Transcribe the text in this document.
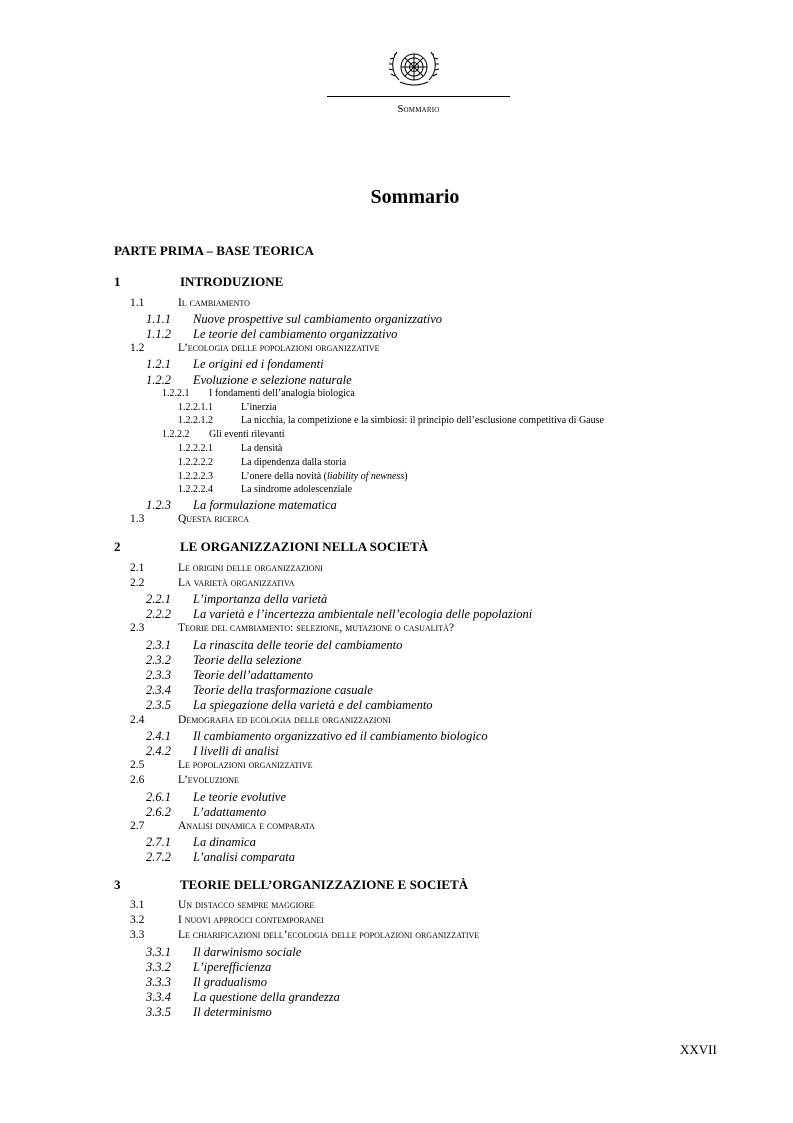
Sommario
Sommario
PARTE PRIMA – BASE TEORICA
1	INTRODUZIONE
1.1	Il cambiamento
1.1.1 Nuove prospettive sul cambiamento organizzativo
1.1.2 Le teorie del cambiamento organizzativo
1.2	L’ecologia delle popolazioni organizzative
1.2.1 Le origini ed i fondamenti
1.2.2 Evoluzione e selezione naturale
1.2.2.1 I fondamenti dell’analogia biologica
1.2.2.1.1	L’inerzia
1.2.2.1.2	La nicchia, la competizione e la simbiosi: il principio dell’esclusione competitiva di Gause
1.2.2.2 Gli eventi rilevanti
1.2.2.2.1	La densità
1.2.2.2.2	La dipendenza dalla storia
1.2.2.2.3	L’onere della novità (liability of newness)
1.2.2.2.4	La sindrome adolescenziale
1.2.3 La formulazione matematica
1.3	Questa ricerca
2	LE ORGANIZZAZIONI NELLA SOCIETÀ
2.1	Le origini delle organizzazioni
2.2	La varietà organizzativa
2.2.1 L’importanza della varietà
2.2.2 La varietà e l’incertezza ambientale nell’ecologia delle popolazioni
2.3	Teorie del cambiamento: selezione, mutazione o casualità?
2.3.1 La rinascita delle teorie del cambiamento
2.3.2 Teorie della selezione
2.3.3 Teorie dell’adattamento
2.3.4 Teorie della trasformazione casuale
2.3.5 La spiegazione della varietà e del cambiamento
2.4	Demografia ed ecologia delle organizzazioni
2.4.1 Il cambiamento organizzativo ed il cambiamento biologico
2.4.2 I livelli di analisi
2.5	Le popolazioni organizzative
2.6	L’evoluzione
2.6.1 Le teorie evolutive
2.6.2 L’adattamento
2.7	Analisi dinamica e comparata
2.7.1 La dinamica
2.7.2 L’analisi comparata
3	TEORIE DELL’ORGANIZZAZIONE E SOCIETÀ
3.1	Un distacco sempre maggiore
3.2	I nuovi approcci contemporanei
3.3	Le chiarificazioni dell’ecologia delle popolazioni organizzative
3.3.1 Il darwinismo sociale
3.3.2 L’iperefficienza
3.3.3 Il gradualismo
3.3.4 La questione della grandezza
3.3.5 Il determinismo
XXVII
